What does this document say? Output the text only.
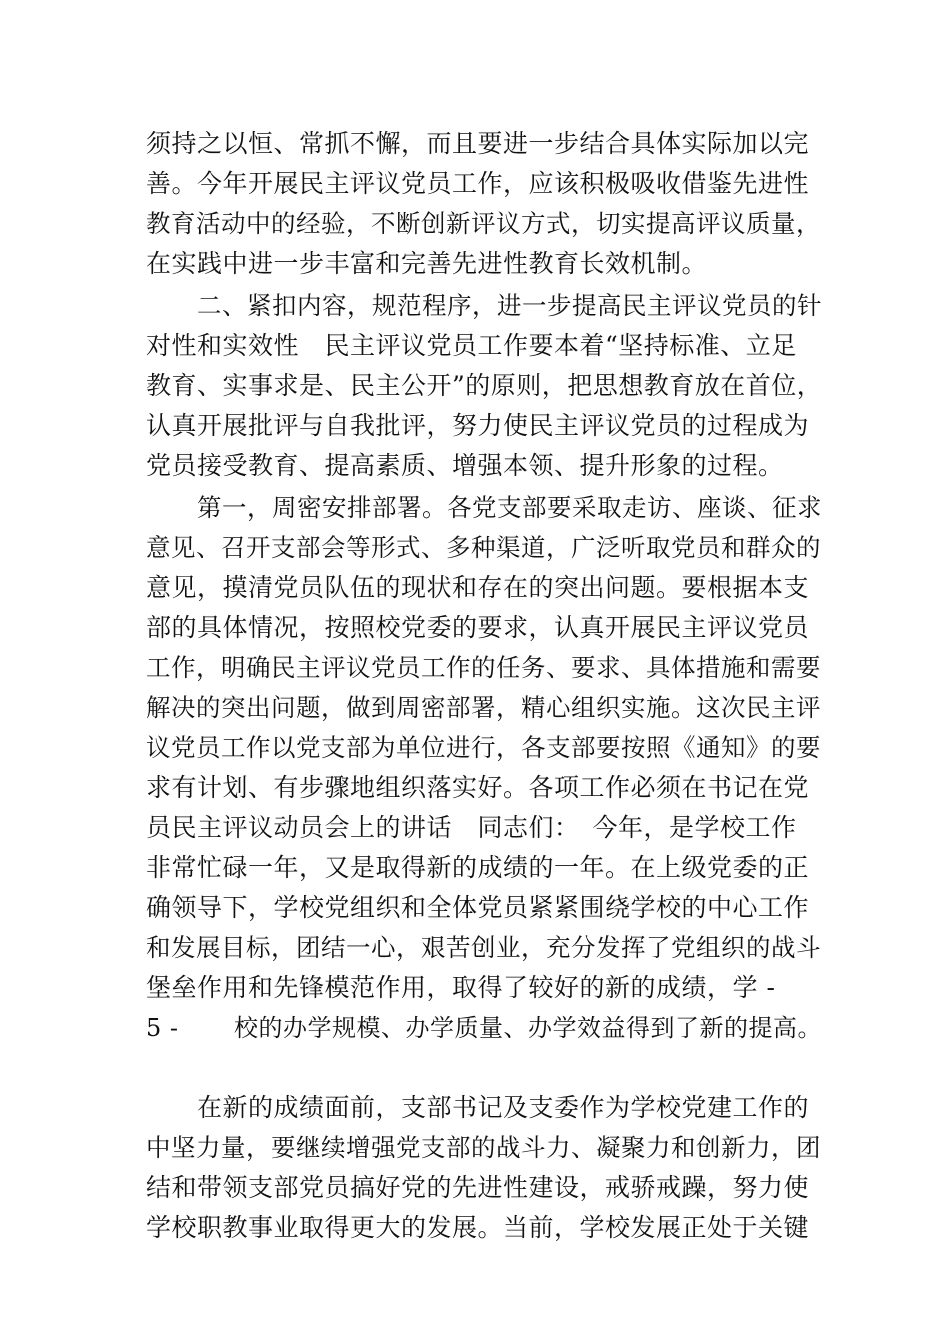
须持之以恒、常抓不懈，而且要进一步结合具体实际加以完
善。今年开展民主评议党员工作，应该积极吸收借鉴先进性
教育活动中的经验，不断创新评议方式，切实提高评议质量，
在实践中进一步丰富和完善先进性教育长效机制。
二、紧扣内容，规范程序，进一步提高民主评议党员的针
对性和实效性　民主评议党员工作要本着“坚持标准、立足
教育、实事求是、民主公开”的原则，把思想教育放在首位，
认真开展批评与自我批评，努力使民主评议党员的过程成为
党员接受教育、提高素质、增强本领、提升形象的过程。
第一，周密安排部署。各党支部要采取走访、座谈、征求
意见、召开支部会等形式、多种渠道，广泛听取党员和群众的
意见，摸清党员队伍的现状和存在的突出问题。要根据本支
部的具体情况，按照校党委的要求，认真开展民主评议党员
工作，明确民主评议党员工作的任务、要求、具体措施和需要
解决的突出问题，做到周密部署，精心组织实施。这次民主评
议党员工作以党支部为单位进行，各支部要按照《通知》的要
求有计划、有步骤地组织落实好。各项工作必须在书记在党
员民主评议动员会上的讲话　同志们：　今年，是学校工作
非常忙碌一年，又是取得新的成绩的一年。在上级党委的正
确领导下，学校党组织和全体党员紧紧围绕学校的中心工作
和发展目标，团结一心，艰苦创业，充分发挥了党组织的战斗
堡垒作用和先锋模范作用，取得了较好的新的成绩，学 -
5 - 校的办学规模、办学质量、办学效益得到了新的提高。
在新的成绩面前，支部书记及支委作为学校党建工作的
中坚力量，要继续增强党支部的战斗力、凝聚力和创新力，团
结和带领支部党员搞好党的先进性建设，戒骄戒躁，努力使
学校职教事业取得更大的发展。当前，学校发展正处于关键
